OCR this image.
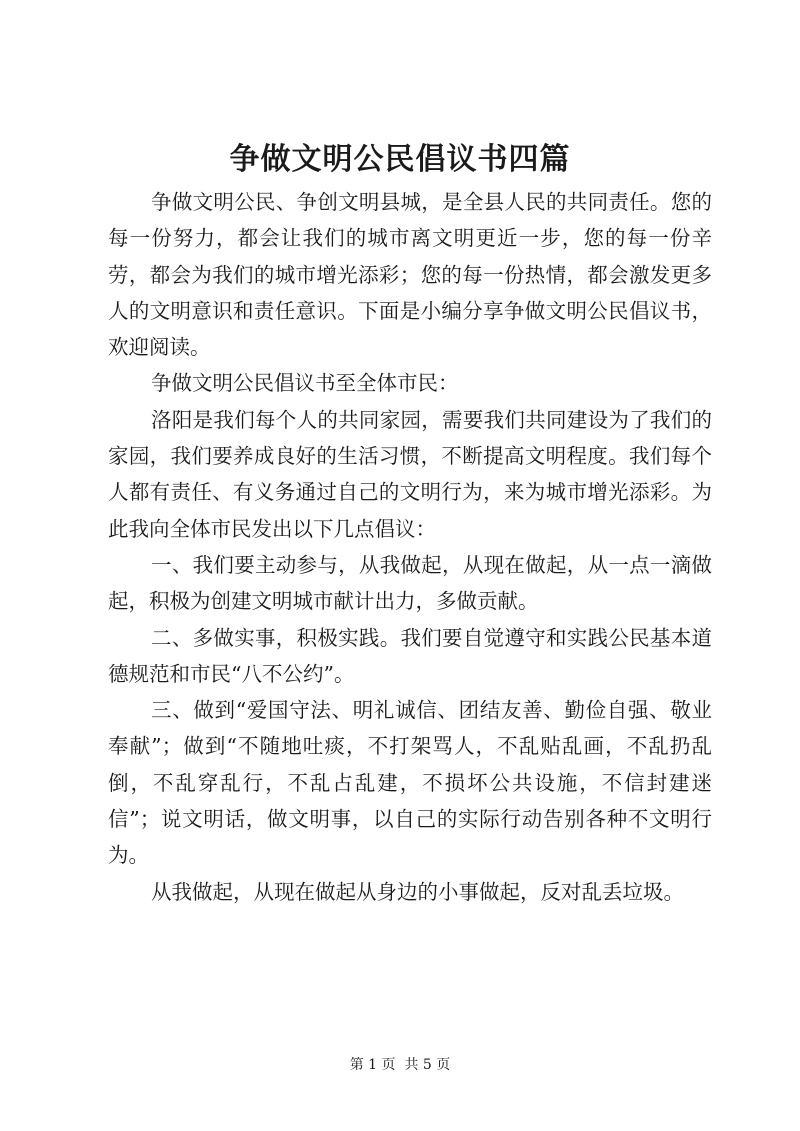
争做文明公民倡议书四篇

争做文明公民、争创文明县城，是全县人民的共同责任。您的每一份努力，都会让我们的城市离文明更近一步，您的每一份辛劳，都会为我们的城市增光添彩；您的每一份热情，都会激发更多人的文明意识和责任意识。下面是小编分享争做文明公民倡议书，欢迎阅读。

争做文明公民倡议书至全体市民：

洛阳是我们每个人的共同家园，需要我们共同建设为了我们的家园，我们要养成良好的生活习惯，不断提高文明程度。我们每个人都有责任、有义务通过自己的文明行为，来为城市增光添彩。为此我向全体市民发出以下几点倡议：

一、我们要主动参与，从我做起，从现在做起，从一点一滴做起，积极为创建文明城市献计出力，多做贡献。

二、多做实事，积极实践。我们要自觉遵守和实践公民基本道德规范和市民“八不公约”。

三、做到“爱国守法、明礼诚信、团结友善、勤俭自强、敬业奉献”；做到“不随地吐痰，不打架骂人，不乱贴乱画，不乱扔乱倒，不乱穿乱行，不乱占乱建，不损坏公共设施，不信封建迷信”；说文明话，做文明事，以自己的实际行动告别各种不文明行为。

从我做起，从现在做起从身边的小事做起，反对乱丢垃圾。

第 1 页  共 5 页
